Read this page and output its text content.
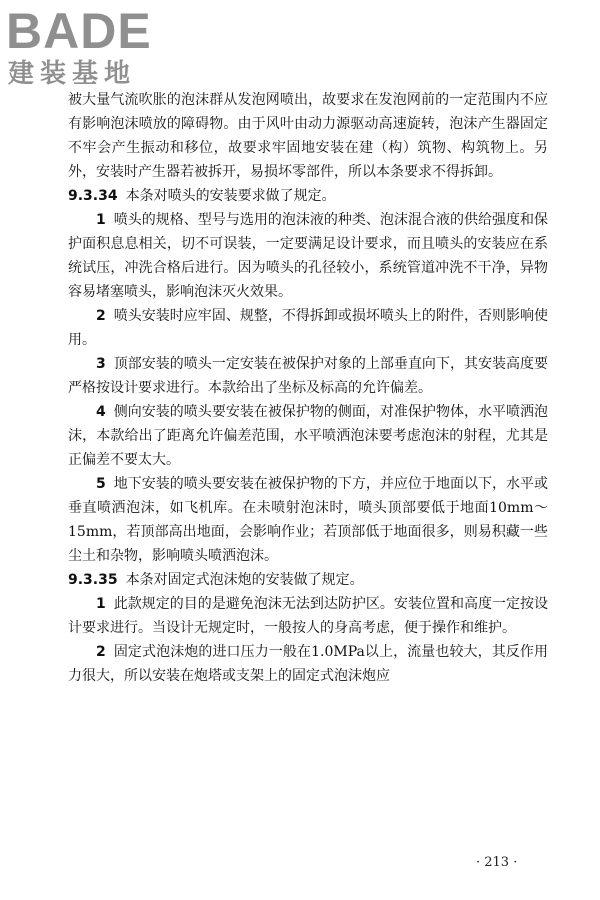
BADE
建装基地

被大量气流吹胀的泡沫群从发泡网喷出，故要求在发泡网前的一定范围内不应有影响泡沫喷放的障碍物。由于风叶由动力源驱动高速旋转，泡沫产生器固定不牢会产生振动和移位，故要求牢固地安装在建（构）筑物、构筑物上。另外，安装时产生器若被拆开，易损坏零部件，所以本条要求不得拆卸。

9.3.34 本条对喷头的安装要求做了规定。

1 喷头的规格、型号与选用的泡沫液的种类、泡沫混合液的供给强度和保护面积息息相关，切不可误装，一定要满足设计要求，而且喷头的安装应在系统试压，冲洗合格后进行。因为喷头的孔径较小，系统管道冲洗不干净，异物容易堵塞喷头，影响泡沫灭火效果。

2 喷头安装时应牢固、规整，不得拆卸或损坏喷头上的附件，否则影响使用。

3 顶部安装的喷头一定安装在被保护对象的上部垂直向下，其安装高度要严格按设计要求进行。本款给出了坐标及标高的允许偏差。

4 侧向安装的喷头要安装在被保护物的侧面，对准保护物体，水平喷洒泡沫，本款给出了距离允许偏差范围，水平喷洒泡沫要考虑泡沫的射程，尤其是正偏差不要太大。

5 地下安装的喷头要安装在被保护物的下方，并应位于地面以下，水平或垂直喷洒泡沫，如飞机库。在未喷射泡沫时，喷头顶部要低于地面10mm～15mm，若顶部高出地面，会影响作业；若顶部低于地面很多，则易积藏一些尘土和杂物，影响喷头喷洒泡沫。

9.3.35 本条对固定式泡沫炮的安装做了规定。

1 此款规定的目的是避免泡沫无法到达防护区。安装位置和高度一定按设计要求进行。当设计无规定时，一般按人的身高考虑，便于操作和维护。

2 固定式泡沫炮的进口压力一般在1.0MPa以上，流量也较大，其反作用力很大，所以安装在炮塔或支架上的固定式泡沫炮应

· 213 ·
